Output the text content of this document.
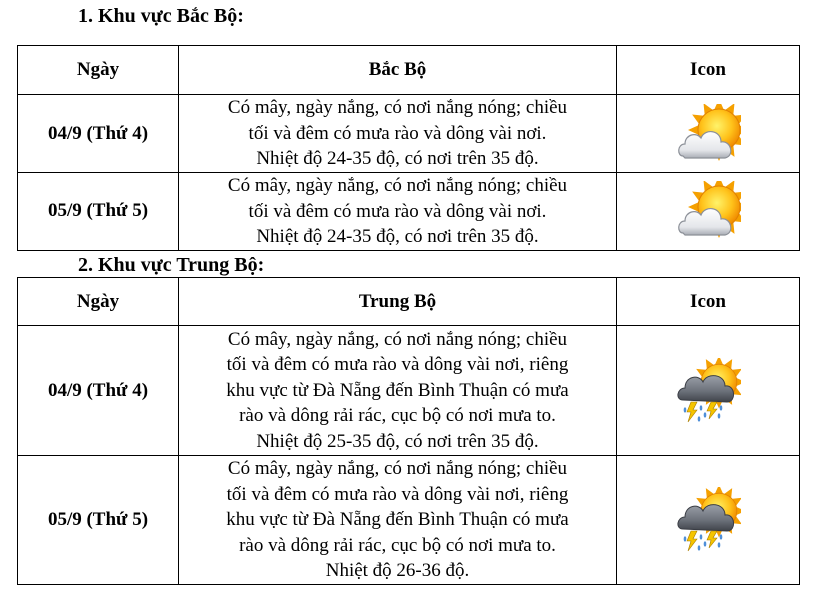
1. Khu vực Bắc Bộ:
Ngày	Bắc Bộ	Icon
04/9 (Thứ 4)	Có mây, ngày nắng, có nơi nắng nóng; chiều
tối và đêm có mưa rào và dông vài nơi.
Nhiệt độ 24-35 độ, có nơi trên 35 độ.

05/9 (Thứ 5)	Có mây, ngày nắng, có nơi nắng nóng; chiều
tối và đêm có mưa rào và dông vài nơi.
Nhiệt độ 24-35 độ, có nơi trên 35 độ.

2. Khu vực Trung Bộ:
Ngày	Trung Bộ	Icon
04/9 (Thứ 4)	Có mây, ngày nắng, có nơi nắng nóng; chiều
tối và đêm có mưa rào và dông vài nơi, riêng
khu vực từ Đà Nẵng đến Bình Thuận có mưa
rào và dông rải rác, cục bộ có nơi mưa to.
Nhiệt độ 25-35 độ, có nơi trên 35 độ.

05/9 (Thứ 5)	Có mây, ngày nắng, có nơi nắng nóng; chiều
tối và đêm có mưa rào và dông vài nơi, riêng
khu vực từ Đà Nẵng đến Bình Thuận có mưa
rào và dông rải rác, cục bộ có nơi mưa to.
Nhiệt độ 26-36 độ.
